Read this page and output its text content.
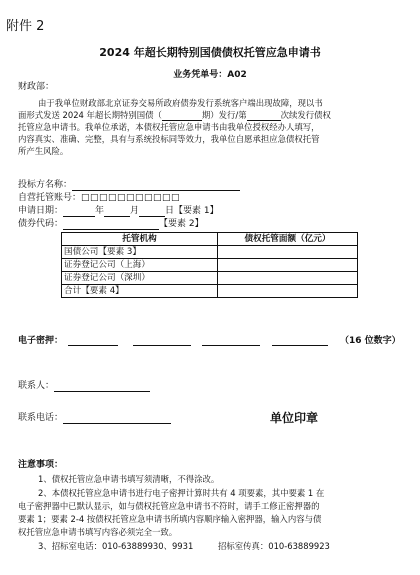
附件 2
2024 年超长期特别国债债权托管应急申请书
业务凭单号：A02
财政部：
由于我单位财政部北京证券交易所政府债券发行系统客户端出现故障，现以书
面形式发送 2024 年超长期特别国债（	期）发行/第	次续发行债权
托管应急申请书。我单位承诺，本债权托管应急申请书由我单位授权经办人填写，
内容真实、准确、完整，具有与系统投标同等效力，我单位自愿承担应急债权托管
所产生风险。
投标方名称：
自营托管账号：□□□□□□□□□□□
申请日期：	年	月	日【要素 1】
债券代码：	【要素 2】
托管机构	债权托管面额（亿元）
国债公司【要素 3】	
证券登记公司（上海）	
证券登记公司（深圳）	
合计【要素 4】	
电子密押：	（16 位数字）
联系人：
联系电话：	单位印章
注意事项：
1、债权托管应急申请书填写须清晰，不得涂改。
2、本债权托管应急申请书进行电子密押计算时共有 4 项要素，其中要素 1 在
电子密押器中已默认显示，如与债权托管应急申请书不符时，请手工修正密押器的
要素 1；要素 2-4 按债权托管应急申请书所填内容顺序输入密押器，输入内容与债
权托管应急申请书填写内容必须完全一致。
3、招标室电话：010-63889930、9931	招标室传真：010-63889923
